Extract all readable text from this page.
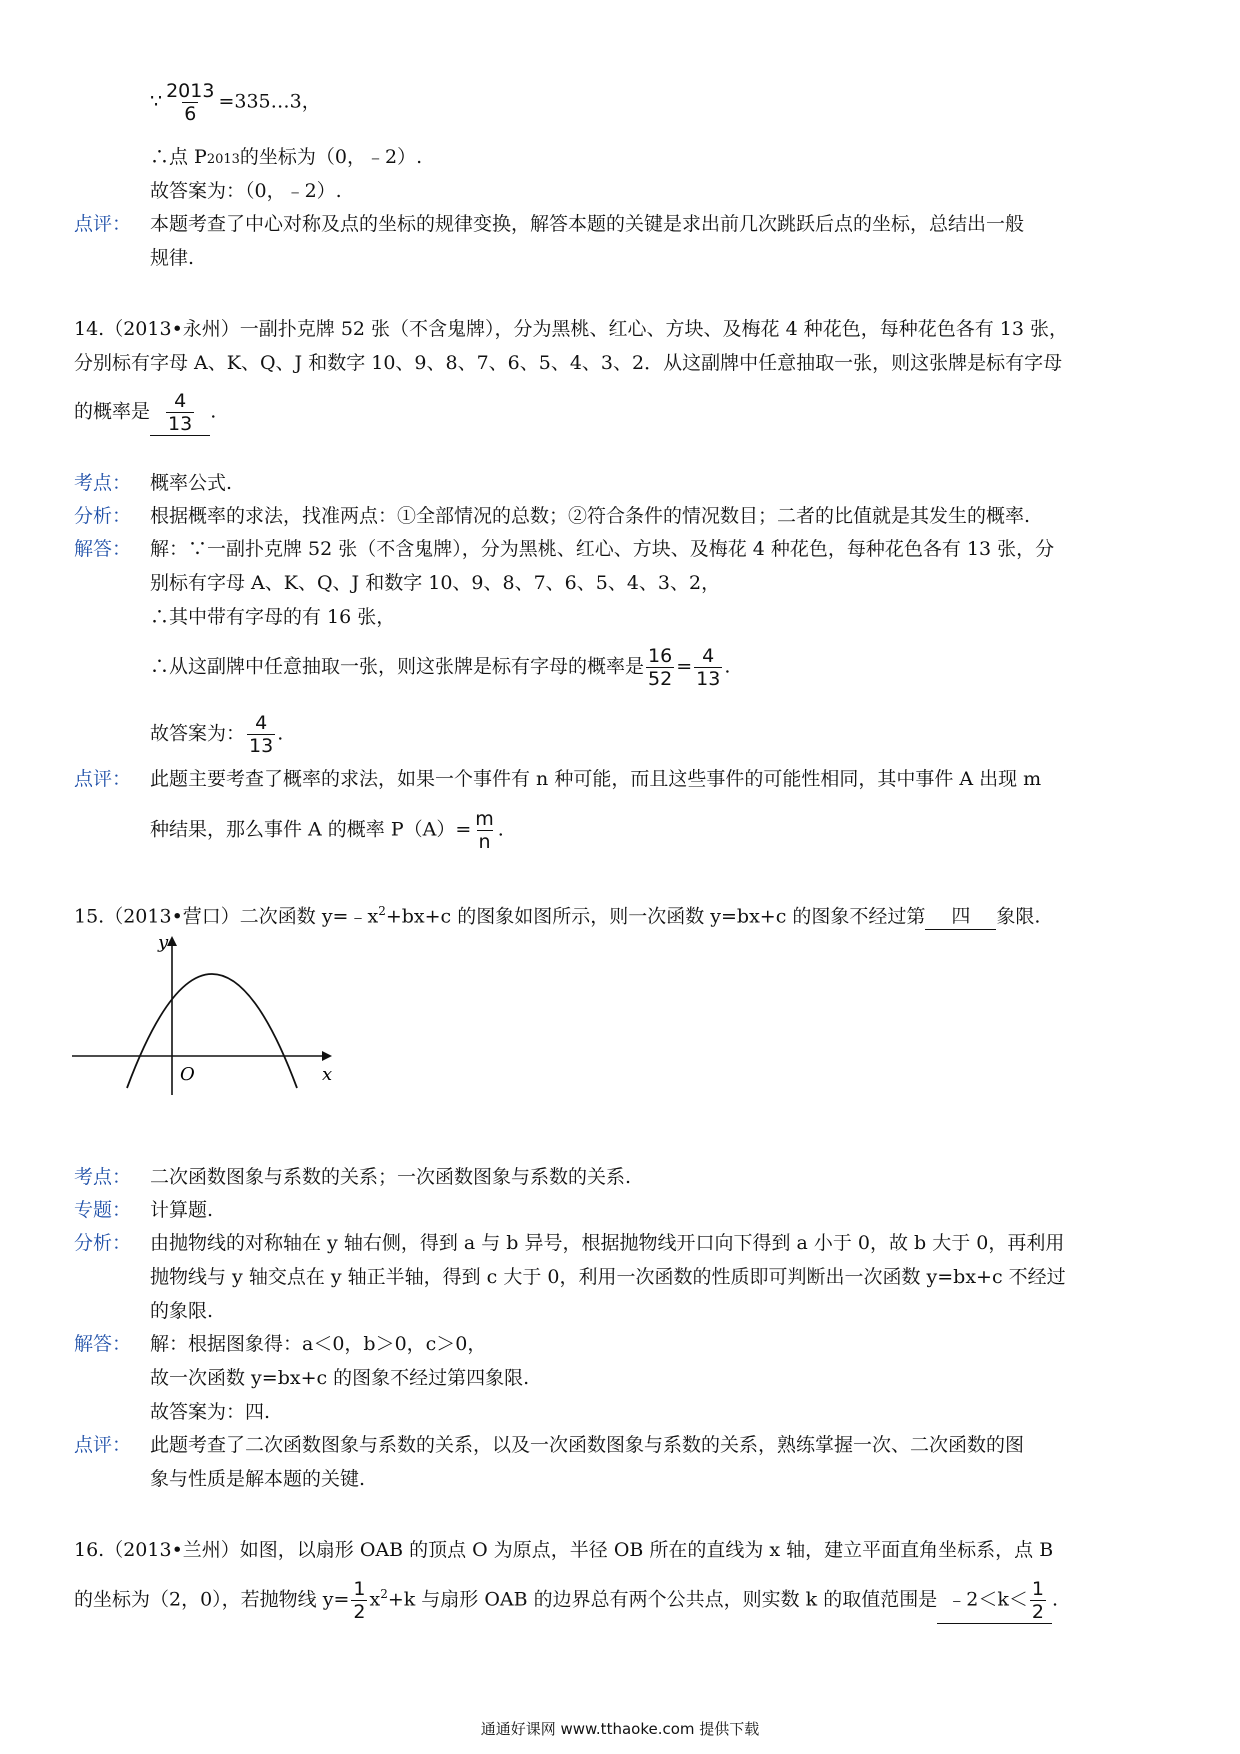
∵ $\frac{2013}{6}$ =335…3，
∴点 P2013的坐标为（0，﹣2）.
故答案为：（0，﹣2）.
点评： 本题考查了中心对称及点的坐标的规律变换，解答本题的关键是求出前几次跳跃后点的坐标，总结出一般
规律.
14.（2013•永州）一副扑克牌 52 张（不含鬼牌），分为黑桃、红心、方块、及梅花 4 种花色，每种花色各有 13 张，
分别标有字母 A、K、Q、J 和数字 10、9、8、7、6、5、4、3、2．从这副牌中任意抽取一张，则这张牌是标有字母
的概率是 $\frac{4}{13}$ .
考点： 概率公式.
分析： 根据概率的求法，找准两点：①全部情况的总数；②符合条件的情况数目；二者的比值就是其发生的概率.
解答： 解：∵一副扑克牌 52 张（不含鬼牌），分为黑桃、红心、方块、及梅花 4 种花色，每种花色各有 13 张，分
别标有字母 A、K、Q、J 和数字 10、9、8、7、6、5、4、3、2，
∴其中带有字母的有 16 张，
∴从这副牌中任意抽取一张，则这张牌是标有字母的概率是 $\frac{16}{52} = \frac{4}{13}$ .
故答案为： $\frac{4}{13}$ .
点评： 此题主要考查了概率的求法，如果一个事件有 n 种可能，而且这些事件的可能性相同，其中事件 A 出现 m
种结果，那么事件 A 的概率 $P(A)= \frac{m}{n}$ .
15.（2013•营口）二次函数 $y=﹣x^2+bx+c$ 的图象如图所示，则一次函数 y=bx+c 的图象不经过第 四 象限.
y
x
O
考点： 二次函数图象与系数的关系；一次函数图象与系数的关系.
专题： 计算题.
分析： 由抛物线的对称轴在 y 轴右侧，得到 a 与 b 异号，根据抛物线开口向下得到 a 小于 0，故 b 大于 0，再利用
抛物线与 y 轴交点在 y 轴正半轴，得到 c 大于 0，利用一次函数的性质即可判断出一次函数 y=bx+c 不经过
的象限.
解答： 解：根据图象得：a＜0，b＞0，c＞0，
故一次函数 y=bx+c 的图象不经过第四象限.
故答案为：四.
点评： 此题考查了二次函数图象与系数的关系，以及一次函数图象与系数的关系，熟练掌握一次、二次函数的图
象与性质是解本题的关键.
16.（2013•兰州）如图，以扇形 OAB 的顶点 O 为原点，半径 OB 所在的直线为 x 轴，建立平面直角坐标系，点 B
的坐标为（2，0），若抛物线 $y= \frac{1}{2} x^2+k$ 与扇形 OAB 的边界总有两个公共点，则实数 k 的取值范围是 ﹣2＜k＜ $\frac{1}{2}$ .
通通好课网 www.tthaoke.com 提供下载
